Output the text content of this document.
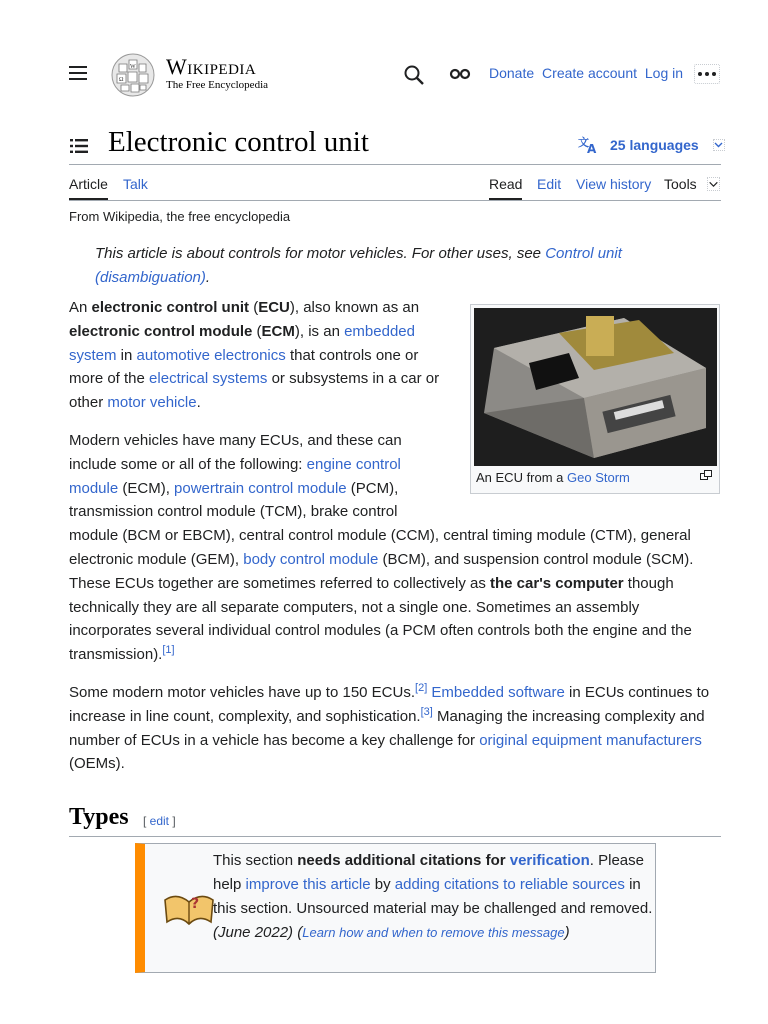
W
Ω
Wikipedia
The Free Encyclopedia
Donate Create account Log in
Electronic control unit	文
A 25 languages
Article Talk	Read Edit View history Tools
From Wikipedia, the free encyclopedia
This article is about controls for motor vehicles. For other uses, see Control unit (disambiguation).
An electronic control unit (ECU), also known as an electronic control module (ECM), is an embedded system in automotive electronics that controls one or more of the electrical systems or subsystems in a car or other motor vehicle.
An ECU from a Geo Storm
Modern vehicles have many ECUs, and these can include some or all of the following: engine control module (ECM), powertrain control module (PCM), transmission control module (TCM), brake control
module (BCM or EBCM), central control module (CCM), central timing module (CTM), general electronic module (GEM), body control module (BCM), and suspension control module (SCM). These ECUs together are sometimes referred to collectively as the car's computer though technically they are all separate computers, not a single one. Sometimes an assembly incorporates several individual control modules (a PCM often controls both the engine and the transmission).[1]
Some modern motor vehicles have up to 150 ECUs.[2] Embedded software in ECUs continues to increase in line count, complexity, and sophistication.[3] Managing the increasing complexity and number of ECUs in a vehicle has become a key challenge for original equipment manufacturers (OEMs).
Types [ edit ]
?
This section needs additional citations for verification. Please help improve this article by adding citations to reliable sources in this section. Unsourced material may be challenged and removed. (June 2022) (Learn how and when to remove this message)
